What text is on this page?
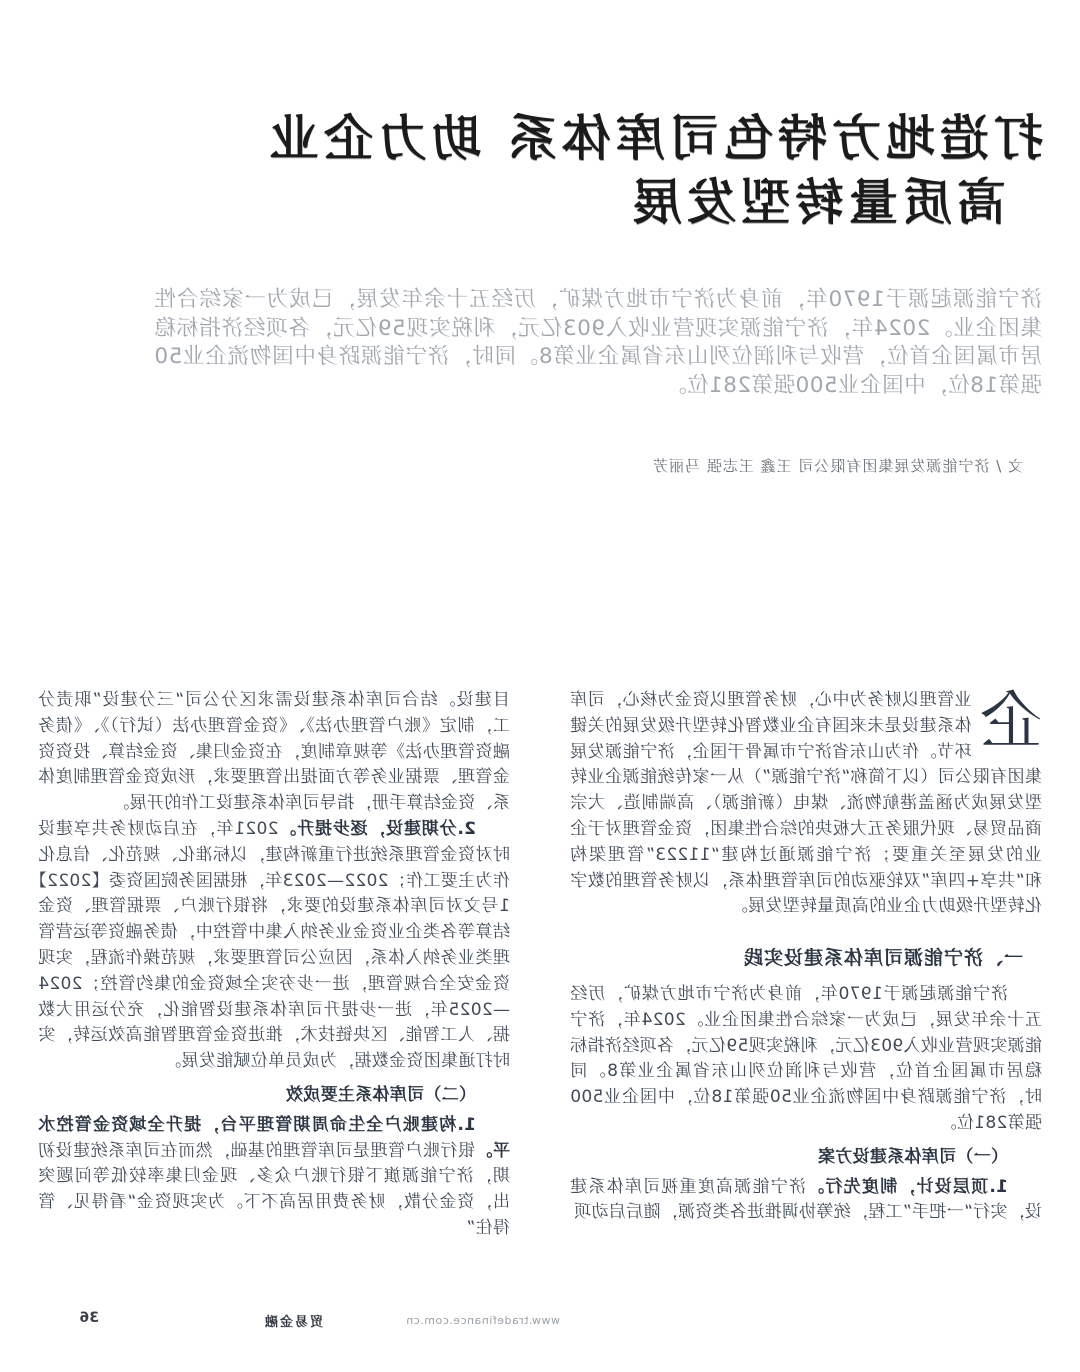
打造地方特色司库体系 助力企业
高质量转型发展
济宁能源起源于1970年，前身为济宁市地方煤矿，历经五十余年发展，已成为一家综合性集团企业。2024年，济宁能源实现营业收入903亿元，利税实现59亿元，各项经济指标稳居市属国企首位，营收与利润位列山东省属企业第8。同时，济宁能源跻身中国物流企业50强第18位，中国企业500强第281位。
文 / 济宁能源发展集团有限公司 王鑫 王志强 马丽芳

企
业管理以财务为中心，财务管理以资金为核心，司库体系建设是未来国有企业数智化转型升级发展的关键环节。作为山东省济宁市属骨干国企，济宁能源发展集团有限公司（以下简称“济宁能源”）从一家传统能源企业转型发展成为涵盖港航物流、煤电（新能源）、高端制造、大宗商品贸易、现代服务五大板块的综合性集团，资金管理对于企业的发展至关重要；济宁能源通过构建“11223”管理架构和“共享+四库”双轮驱动的司库管理体系，以财务管理的数字化转型升级助力企业的高质量转型发展。

一、济宁能源司库体系建设实践

济宁能源起源于1970年，前身为济宁市地方煤矿，历经五十余年发展，已成为一家综合性集团企业。2024年，济宁能源实现营业收入903亿元，利税实现59亿元，各项经济指标稳居市属国企首位，营收与利润位列山东省属企业第8。同时，济宁能源跻身中国物流企业50强第18位，中国企业500强第281位。

（一）司库体系建设方案

1.顶层设计，制度先行。济宁能源高度重视司库体系建设，实行“一把手”工程，统筹协调推进各类资源，随后启动项

目建设。结合司库体系建设需求区分公司“三分建设”职责分工，制定《账户管理办法》、《资金管理办法（试行）》、《债务融资管理办法》等规章制度，在资金归集、资金结算、投资资金管理、票据业务等方面提出管理要求，形成资金管理制度体系、资金结算手册，指导司库体系建设工作的开展。

2.分期建设，逐步提升。2021年，在启动财务共享建设时对资金管理系统进行重新构建，以标准化、规范化、信息化作为主要工作；2022—2023年，根据国务院国资委【2022】1号文对司库体系建设的要求，将银行账户、票据管理、资金结算等各类企业资金业务纳入集中管控中，债务融资等运营管理类业务纳入体系，因应公司管理要求，规范操作流程，实现资金安全合规管理，进一步夯实全域资金的集约管控；2024—2025年，进一步提升司库体系建设智能化，充分运用大数据、人工智能、区块链技术，推进资金管理智能高效运转，实时打通集团资金数据，为成员单位赋能发展。

（二）司库体系主要成效

1.构建账户全生命周期管理平台，提升全域资金管控水平。银行账户管理是司库管理的基础，然而在司库系统建设初期，济宁能源旗下银行账户众多、现金归集率较低等问题突出，资金分散，财务费用居高不下。为实现资金“看得见、管得住”

www.tradefinance.com.cn
贸易金融
36
